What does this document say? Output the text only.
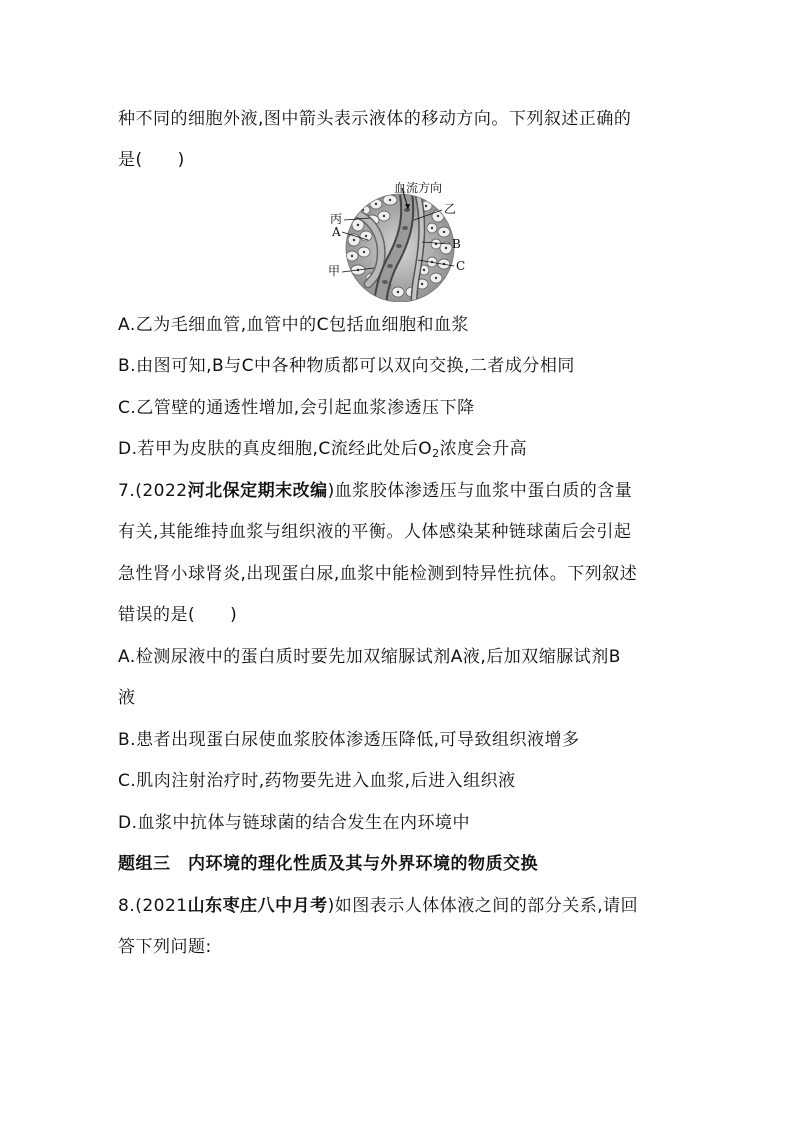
种不同的细胞外液,图中箭头表示液体的移动方向。下列叙述正确的
是(　　)
血流方向
丙
A
甲
乙
B
C
A.乙为毛细血管,血管中的C包括血细胞和血浆
B.由图可知,B与C中各种物质都可以双向交换,二者成分相同
C.乙管壁的通透性增加,会引起血浆渗透压下降
D.若甲为皮肤的真皮细胞,C流经此处后$O_2$浓度会升高
7.(2022河北保定期末改编)血浆胶体渗透压与血浆中蛋白质的含量
有关,其能维持血浆与组织液的平衡。人体感染某种链球菌后会引起
急性肾小球肾炎,出现蛋白尿,血浆中能检测到特异性抗体。下列叙述
错误的是(　　)
A.检测尿液中的蛋白质时要先加双缩脲试剂A液,后加双缩脲试剂B
液
B.患者出现蛋白尿使血浆胶体渗透压降低,可导致组织液增多
C.肌肉注射治疗时,药物要先进入血浆,后进入组织液
D.血浆中抗体与链球菌的结合发生在内环境中
题组三　内环境的理化性质及其与外界环境的物质交换
8.(2021山东枣庄八中月考)如图表示人体体液之间的部分关系,请回
答下列问题:
